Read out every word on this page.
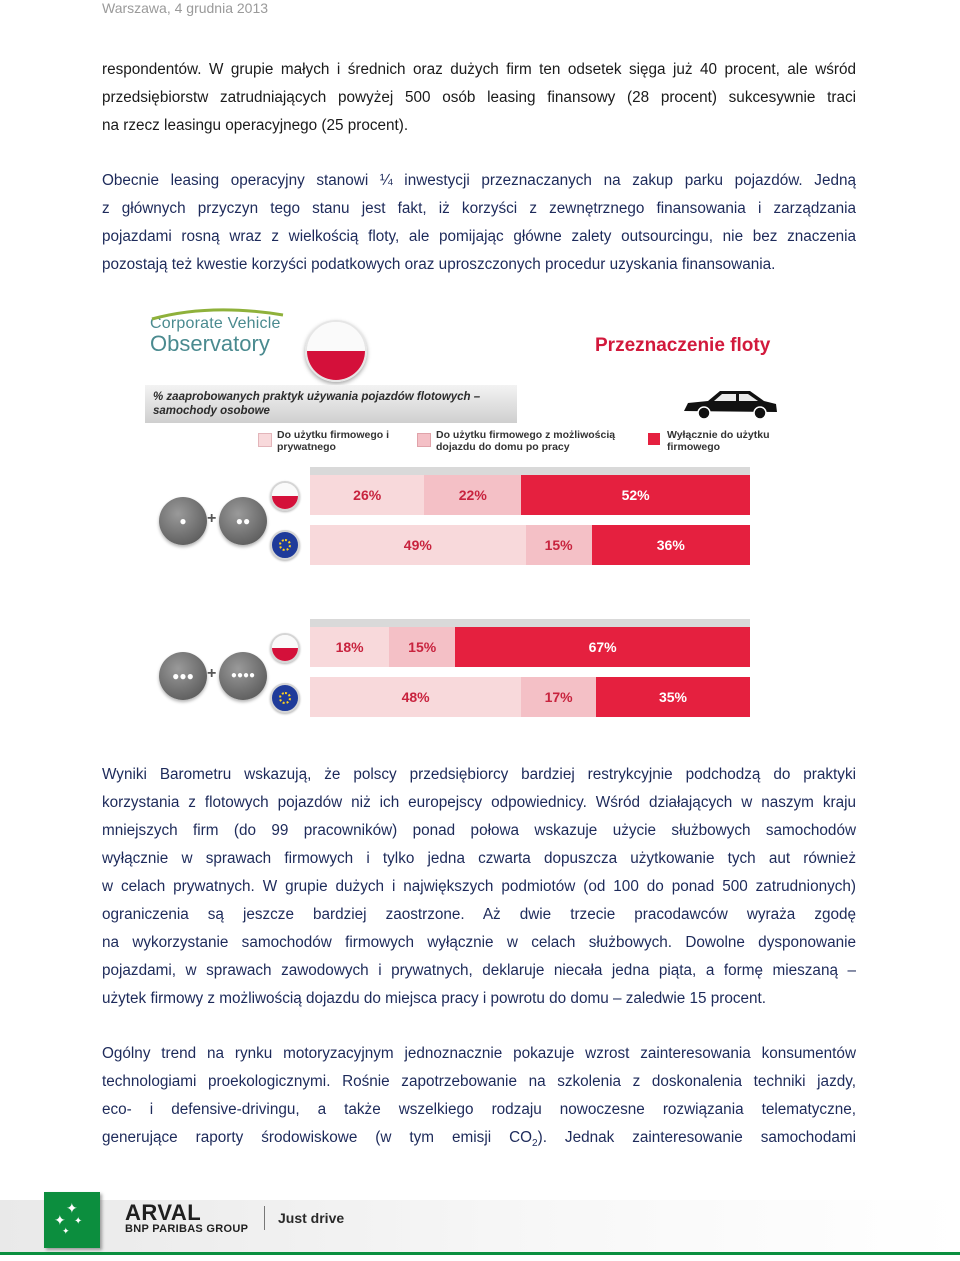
Warszawa, 4 grudnia 2013
respondentów. W grupie małych i średnich oraz dużych firm ten odsetek sięga już 40 procent, ale wśród
przedsiębiorstw zatrudniających powyżej 500 osób leasing finansowy (28 procent) sukcesywnie traci
na rzecz leasingu operacyjnego (25 procent).
Obecnie leasing operacyjny stanowi ¼ inwestycji przeznaczanych na zakup parku pojazdów. Jedną
z głównych przyczyn tego stanu jest fakt, iż korzyści z zewnętrznego finansowania i zarządzania
pojazdami rosną wraz z wielkością floty, ale pomijając główne zalety outsourcingu, nie bez znaczenia
pozostają też kwestie korzyści podatkowych oraz uproszczonych procedur uzyskania finansowania.
Corporate Vehicle
Observatory	Przeznaczenie floty
% zaaprobowanych praktyk używania pojazdów flotowych – samochody osobowe
Do użytku firmowego i prywatnego
Do użytku firmowego z możliwością dojazdu do domu po pracy
Wyłącznie do użytku firmowego
●	+	●●
●●● +	●●●●
26%	22%	52%
49%	15%	36%
18%	15%	67%
48%	17%	35%
Wyniki Barometru wskazują, że polscy przedsiębiorcy bardziej restrykcyjnie podchodzą do praktyki
korzystania z flotowych pojazdów niż ich europejscy odpowiednicy. Wśród działających w naszym kraju
mniejszych firm (do 99 pracowników) ponad połowa wskazuje użycie służbowych samochodów
wyłącznie w sprawach firmowych i tylko jedna czwarta dopuszcza użytkowanie tych aut również
w celach prywatnych. W grupie dużych i największych podmiotów (od 100 do ponad 500 zatrudnionych)
ograniczenia są jeszcze bardziej zaostrzone. Aż dwie trzecie pracodawców wyraża zgodę
na wykorzystanie samochodów firmowych wyłącznie w celach służbowych. Dowolne dysponowanie
pojazdami, w sprawach zawodowych i prywatnych, deklaruje niecała jedna piąta, a formę mieszaną –
użytek firmowy z możliwością dojazdu do miejsca pracy i powrotu do domu – zaledwie 15 procent.
Ogólny trend na rynku motoryzacyjnym jednoznacznie pokazuje wzrost zainteresowania konsumentów
technologiami proekologicznymi. Rośnie zapotrzebowanie na szkolenia z doskonalenia techniki jazdy,
eco- i defensive-drivingu, a także wszelkiego rodzaju nowoczesne rozwiązania telematyczne,
generujące raporty środowiskowe (w tym emisji $CO_2$). Jednak zainteresowanie samochodami
✦
✦ ✦
✦
ARVAL
BNP PARIBAS GROUP
Just drive
